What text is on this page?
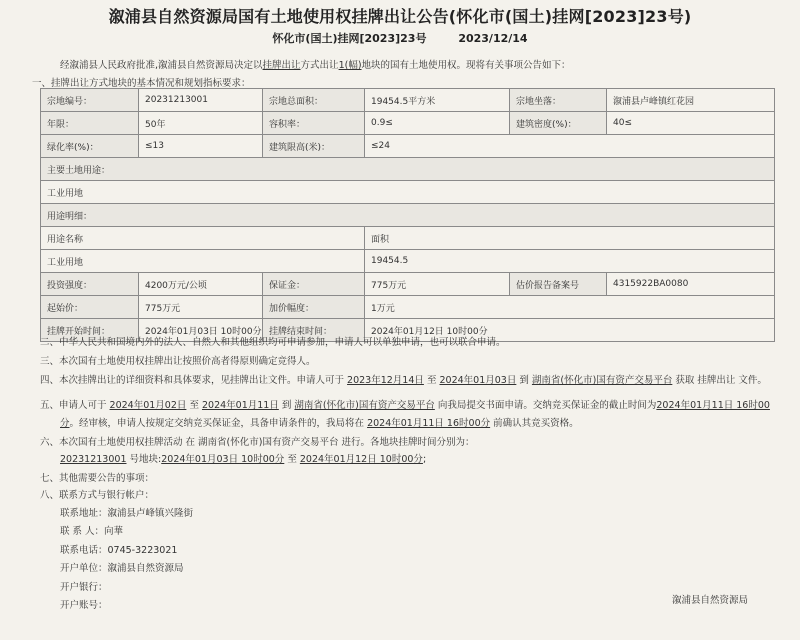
溆浦县自然资源局国有土地使用权挂牌出让公告(怀化市(国土)挂网[2023]23号)
怀化市(国土)挂网[2023]23号	2023/12/14
经溆浦县人民政府批准,溆浦县自然资源局决定以挂牌出让方式出让1(幅)地块的国有土地使用权。现将有关事项公告如下：
一、挂牌出让方式地块的基本情况和规划指标要求：
宗地编号：	20231213001	宗地总面积：	19454.5平方米	宗地坐落：	溆浦县卢峰镇红花园
年限：	50年	容积率：	0.9≤	建筑密度(%)：	40≤
绿化率(%)：	≤13	建筑限高(米)：	≤24		
主要土地用途：					
工业用地					
用途明细：					
用途名称			面积		
工业用地			19454.5		
投资强度：	4200万元/公顷	保证金：	775万元	估价报告备案号	4315922BA0080
起始价：	775万元	加价幅度：	1万元		
挂牌开始时间：	2024年01月03日 10时00分	挂牌结束时间：	2024年01月12日 10时00分		
二、中华人民共和国境内外的法人、自然人和其他组织均可申请参加，申请人可以单独申请，也可以联合申请。
三、本次国有土地使用权挂牌出让按照价高者得原则确定竞得人。
四、本次挂牌出让的详细资料和具体要求，见挂牌出让文件。申请人可于 2023年12月14日 至 2024年01月03日 到 湖南省(怀化市)国有资产交易平台 获取 挂牌出让 文件。
五、申请人可于 2024年01月02日 至 2024年01月11日 到 湖南省(怀化市)国有资产交易平台 向我局提交书面申请。交纳竞买保证金的截止时间为2024年01月11日 16时00
分。经审核，申请人按规定交纳竞买保证金，具备申请条件的，我局将在 2024年01月11日 16时00分 前确认其竞买资格。
六、本次国有土地使用权挂牌活动 在 湖南省(怀化市)国有资产交易平台 进行。各地块挂牌时间分别为：
20231213001 号地块:2024年01月03日 10时00分 至 2024年01月12日 10时00分;
七、其他需要公告的事项：
八、联系方式与银行帐户：
联系地址：溆浦县卢峰镇兴隆街
联 系 人：向華
联系电话：0745-3223021
开户单位：溆浦县自然资源局
开户银行：
开户账号：	溆浦县自然资源局
